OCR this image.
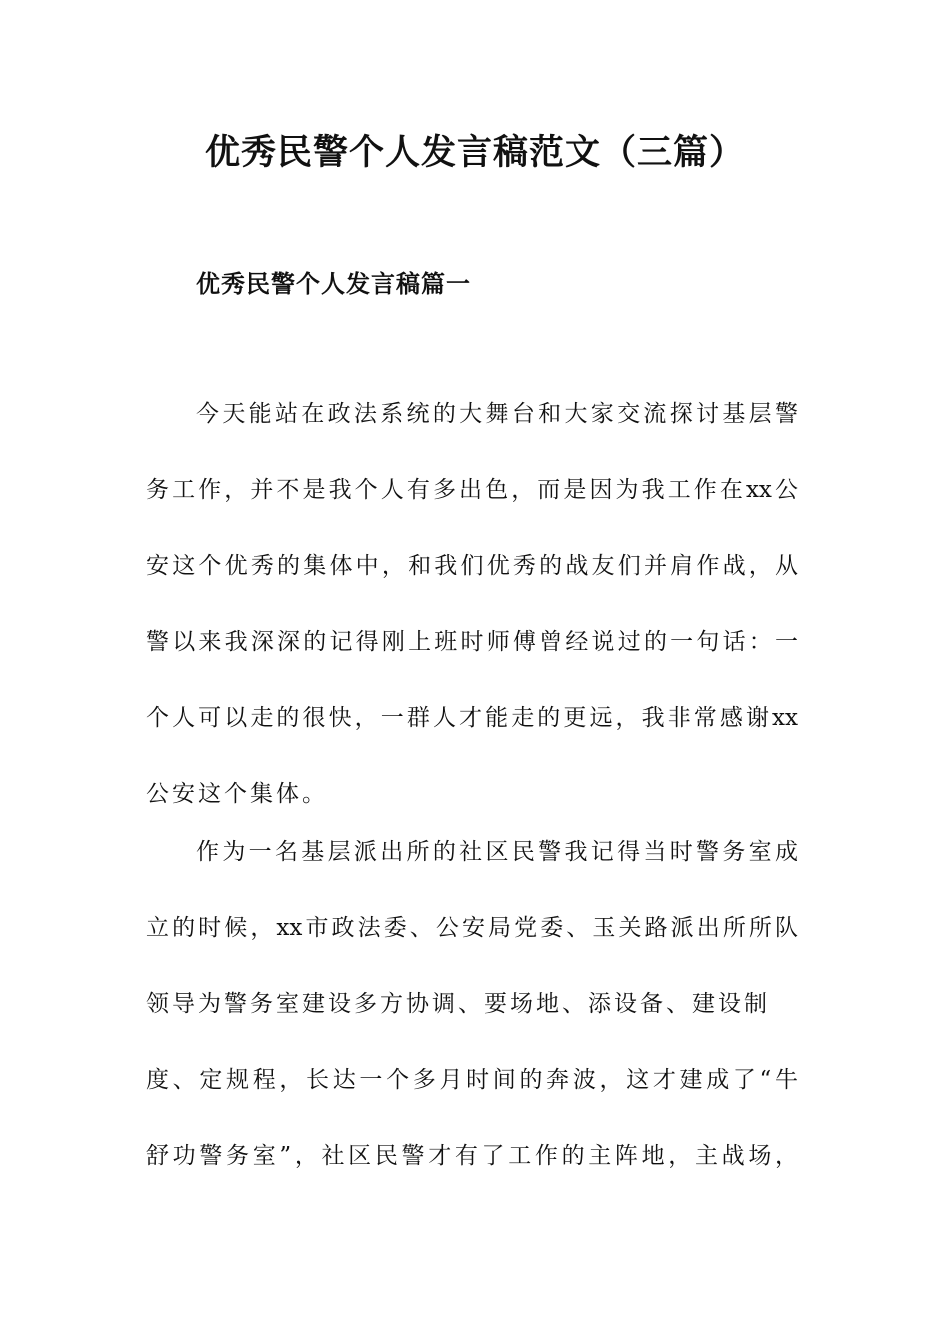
优秀民警个人发言稿范文（三篇）
优秀民警个人发言稿篇一
今天能站在政法系统的大舞台和大家交流探讨基层警
务工作，并不是我个人有多出色，而是因为我工作在xx公
安这个优秀的集体中，和我们优秀的战友们并肩作战，从
警以来我深深的记得刚上班时师傅曾经说过的一句话：一
个人可以走的很快，一群人才能走的更远，我非常感谢xx
公安这个集体。
作为一名基层派出所的社区民警我记得当时警务室成
立的时候，xx市政法委、公安局党委、玉关路派出所所队
领导为警务室建设多方协调、要场地、添设备、建设制
度、定规程，长达一个多月时间的奔波，这才建成了“牛
舒功警务室”，社区民警才有了工作的主阵地，主战场，
